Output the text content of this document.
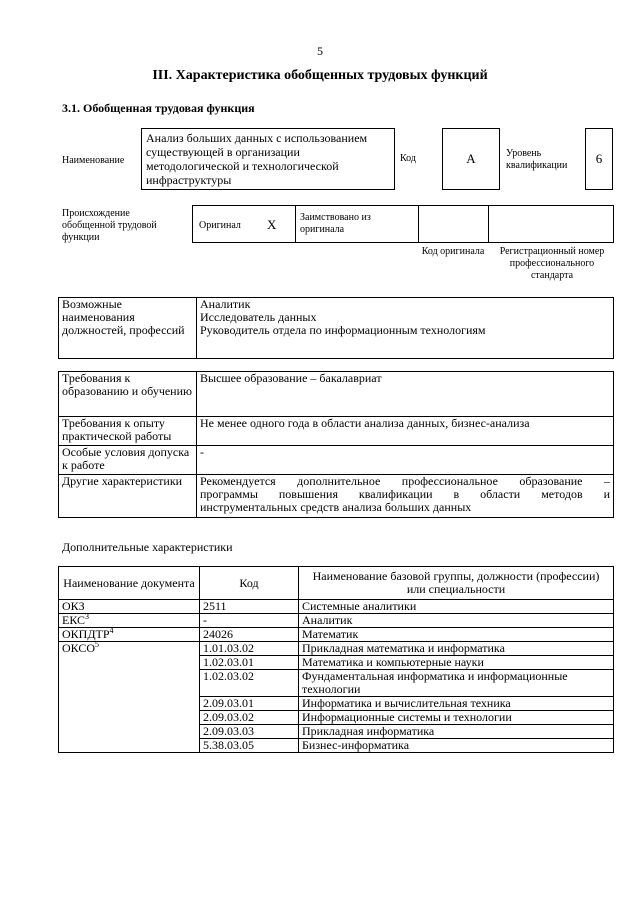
5
III. Характеристика обобщенных трудовых функций
3.1. Обобщенная трудовая функция
Наименование
Анализ больших данных с использованием существующей в организации методологической и технологической инфраструктуры
Код	A	Уровень квалификации	6
Происхождение обобщенной трудовой функции
Оригинал X Заимствовано из оригинала
Код оригинала	Регистрационный номер профессионального стандарта
Возможные наименования должностей, профессий	
Аналитик
Исследователь данных
Руководитель отдела по информационным технологиям
Требования к образованию и обучению	Высшее образование – бакалавриат
Требования к опыту практической работы	Не менее одного года в области анализа данных, бизнес-анализа
Особые условия допуска к работе	-
Другие характеристики	Рекомендуется дополнительное профессиональное образование –
программы повышения квалификации в области методов и
инструментальных средств анализа больших данных
Дополнительные характеристики
Наименование документа	Код	Наименование базовой группы, должности (профессии) или специальности
ОКЗ	2511	Системные аналитики
ЕКС$^3$	-	Аналитик
ОКПДТР$^4$	24026	Математик
ОКСО$^5$	1.01.03.02	Прикладная математика и информатика
	1.02.03.01	Математика и компьютерные науки
	1.02.03.02	Фундаментальная информатика и информационные технологии
	2.09.03.01	Информатика и вычислительная техника
	2.09.03.02	Информационные системы и технологии
	2.09.03.03	Прикладная информатика
	5.38.03.05	Бизнес-информатика
